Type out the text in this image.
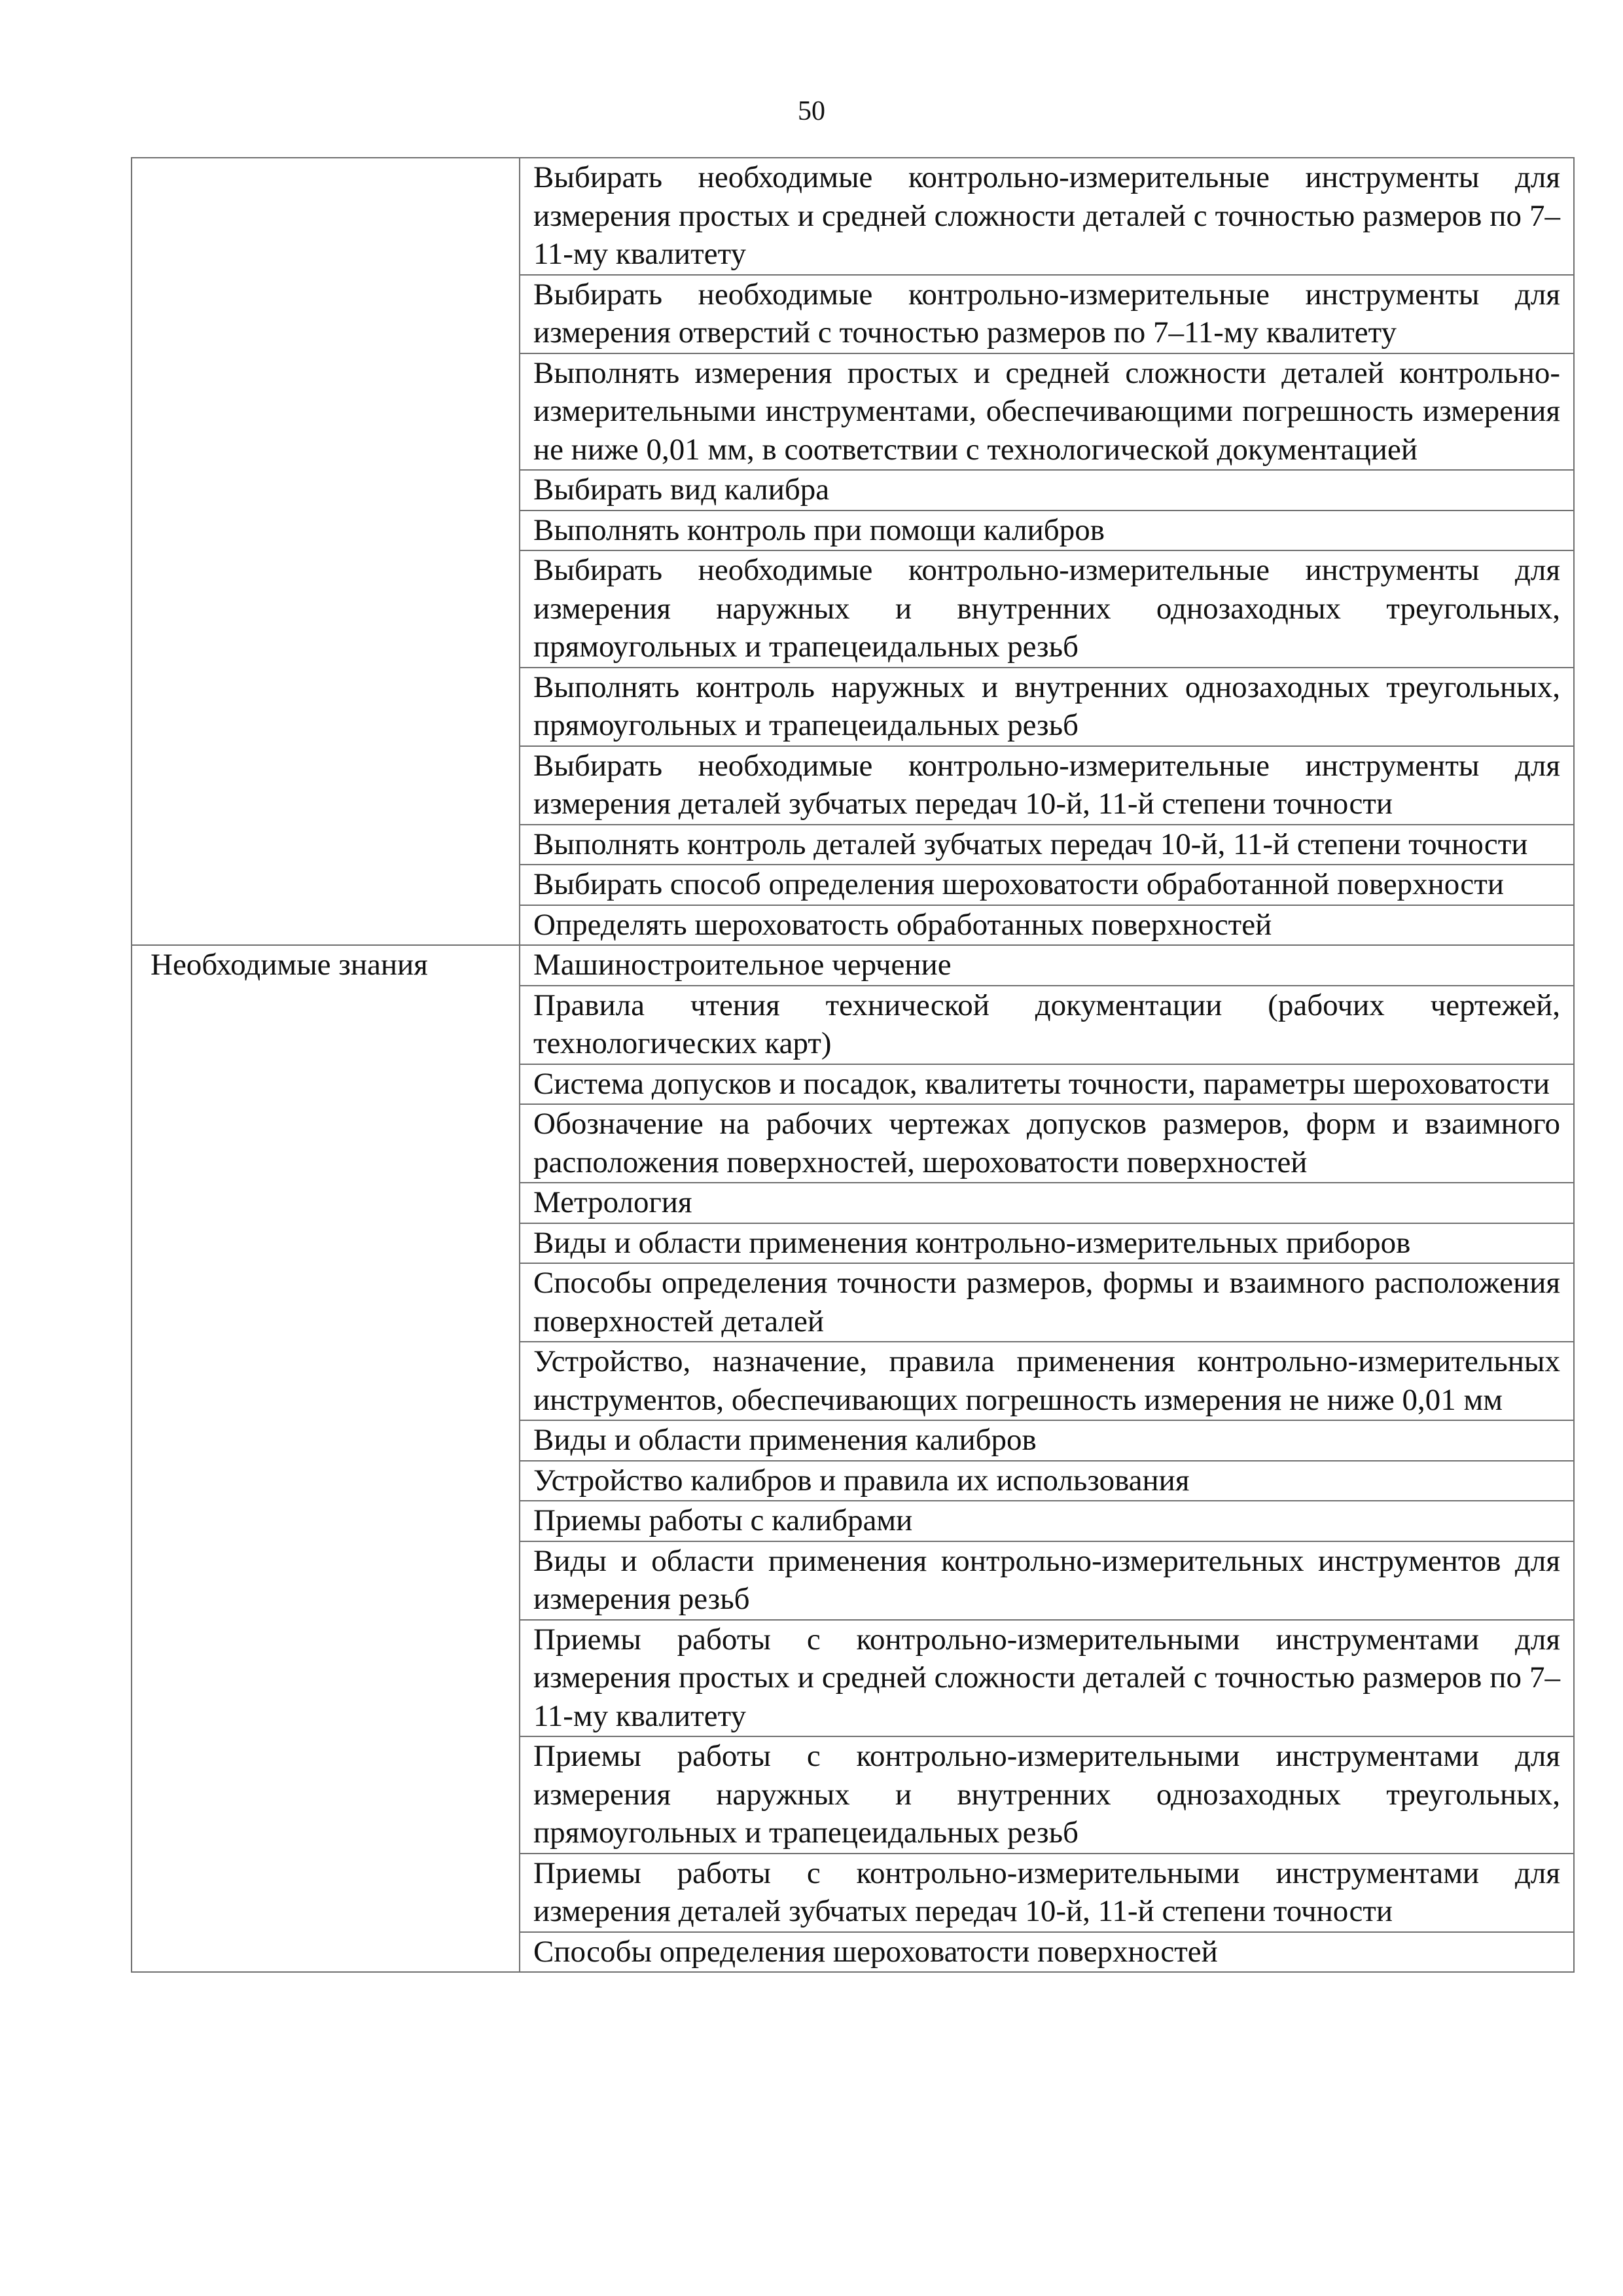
50
	Выбирать необходимые контрольно-измерительные инструменты для измерения простых и средней сложности деталей с точностью размеров по 7–11-му квалитету
	Выбирать необходимые контрольно-измерительные инструменты для измерения отверстий с точностью размеров по 7–11-му квалитету
	Выполнять измерения простых и средней сложности деталей контрольно-измерительными инструментами, обеспечивающими погрешность измерения не ниже 0,01 мм, в соответствии с технологической документацией
	Выбирать вид калибра
	Выполнять контроль при помощи калибров
	Выбирать необходимые контрольно-измерительные инструменты для измерения наружных и внутренних однозаходных треугольных, прямоугольных и трапецеидальных резьб
	Выполнять контроль наружных и внутренних однозаходных треугольных, прямоугольных и трапецеидальных резьб
	Выбирать необходимые контрольно-измерительные инструменты для измерения деталей зубчатых передач 10-й, 11-й степени точности
	Выполнять контроль деталей зубчатых передач 10-й, 11-й степени точности
	Выбирать способ определения шероховатости обработанной поверхности
	Определять шероховатость обработанных поверхностей
Необходимые знания	Машиностроительное черчение
	Правила чтения технической документации (рабочих чертежей, технологических карт)
	Система допусков и посадок, квалитеты точности, параметры шероховатости
	Обозначение на рабочих чертежах допусков размеров, форм и взаимного расположения поверхностей, шероховатости поверхностей
	Метрология
	Виды и области применения контрольно-измерительных приборов
	Способы определения точности размеров, формы и взаимного расположения поверхностей деталей
	Устройство, назначение, правила применения контрольно-измерительных инструментов, обеспечивающих погрешность измерения не ниже 0,01 мм
	Виды и области применения калибров
	Устройство калибров и правила их использования
	Приемы работы с калибрами
	Виды и области применения контрольно-измерительных инструментов для измерения резьб
	Приемы работы с контрольно-измерительными инструментами для измерения простых и средней сложности деталей с точностью размеров по 7–11-му квалитету
	Приемы работы с контрольно-измерительными инструментами для измерения наружных и внутренних однозаходных треугольных, прямоугольных и трапецеидальных резьб
	Приемы работы с контрольно-измерительными инструментами для измерения деталей зубчатых передач 10-й, 11-й степени точности
	Способы определения шероховатости поверхностей
